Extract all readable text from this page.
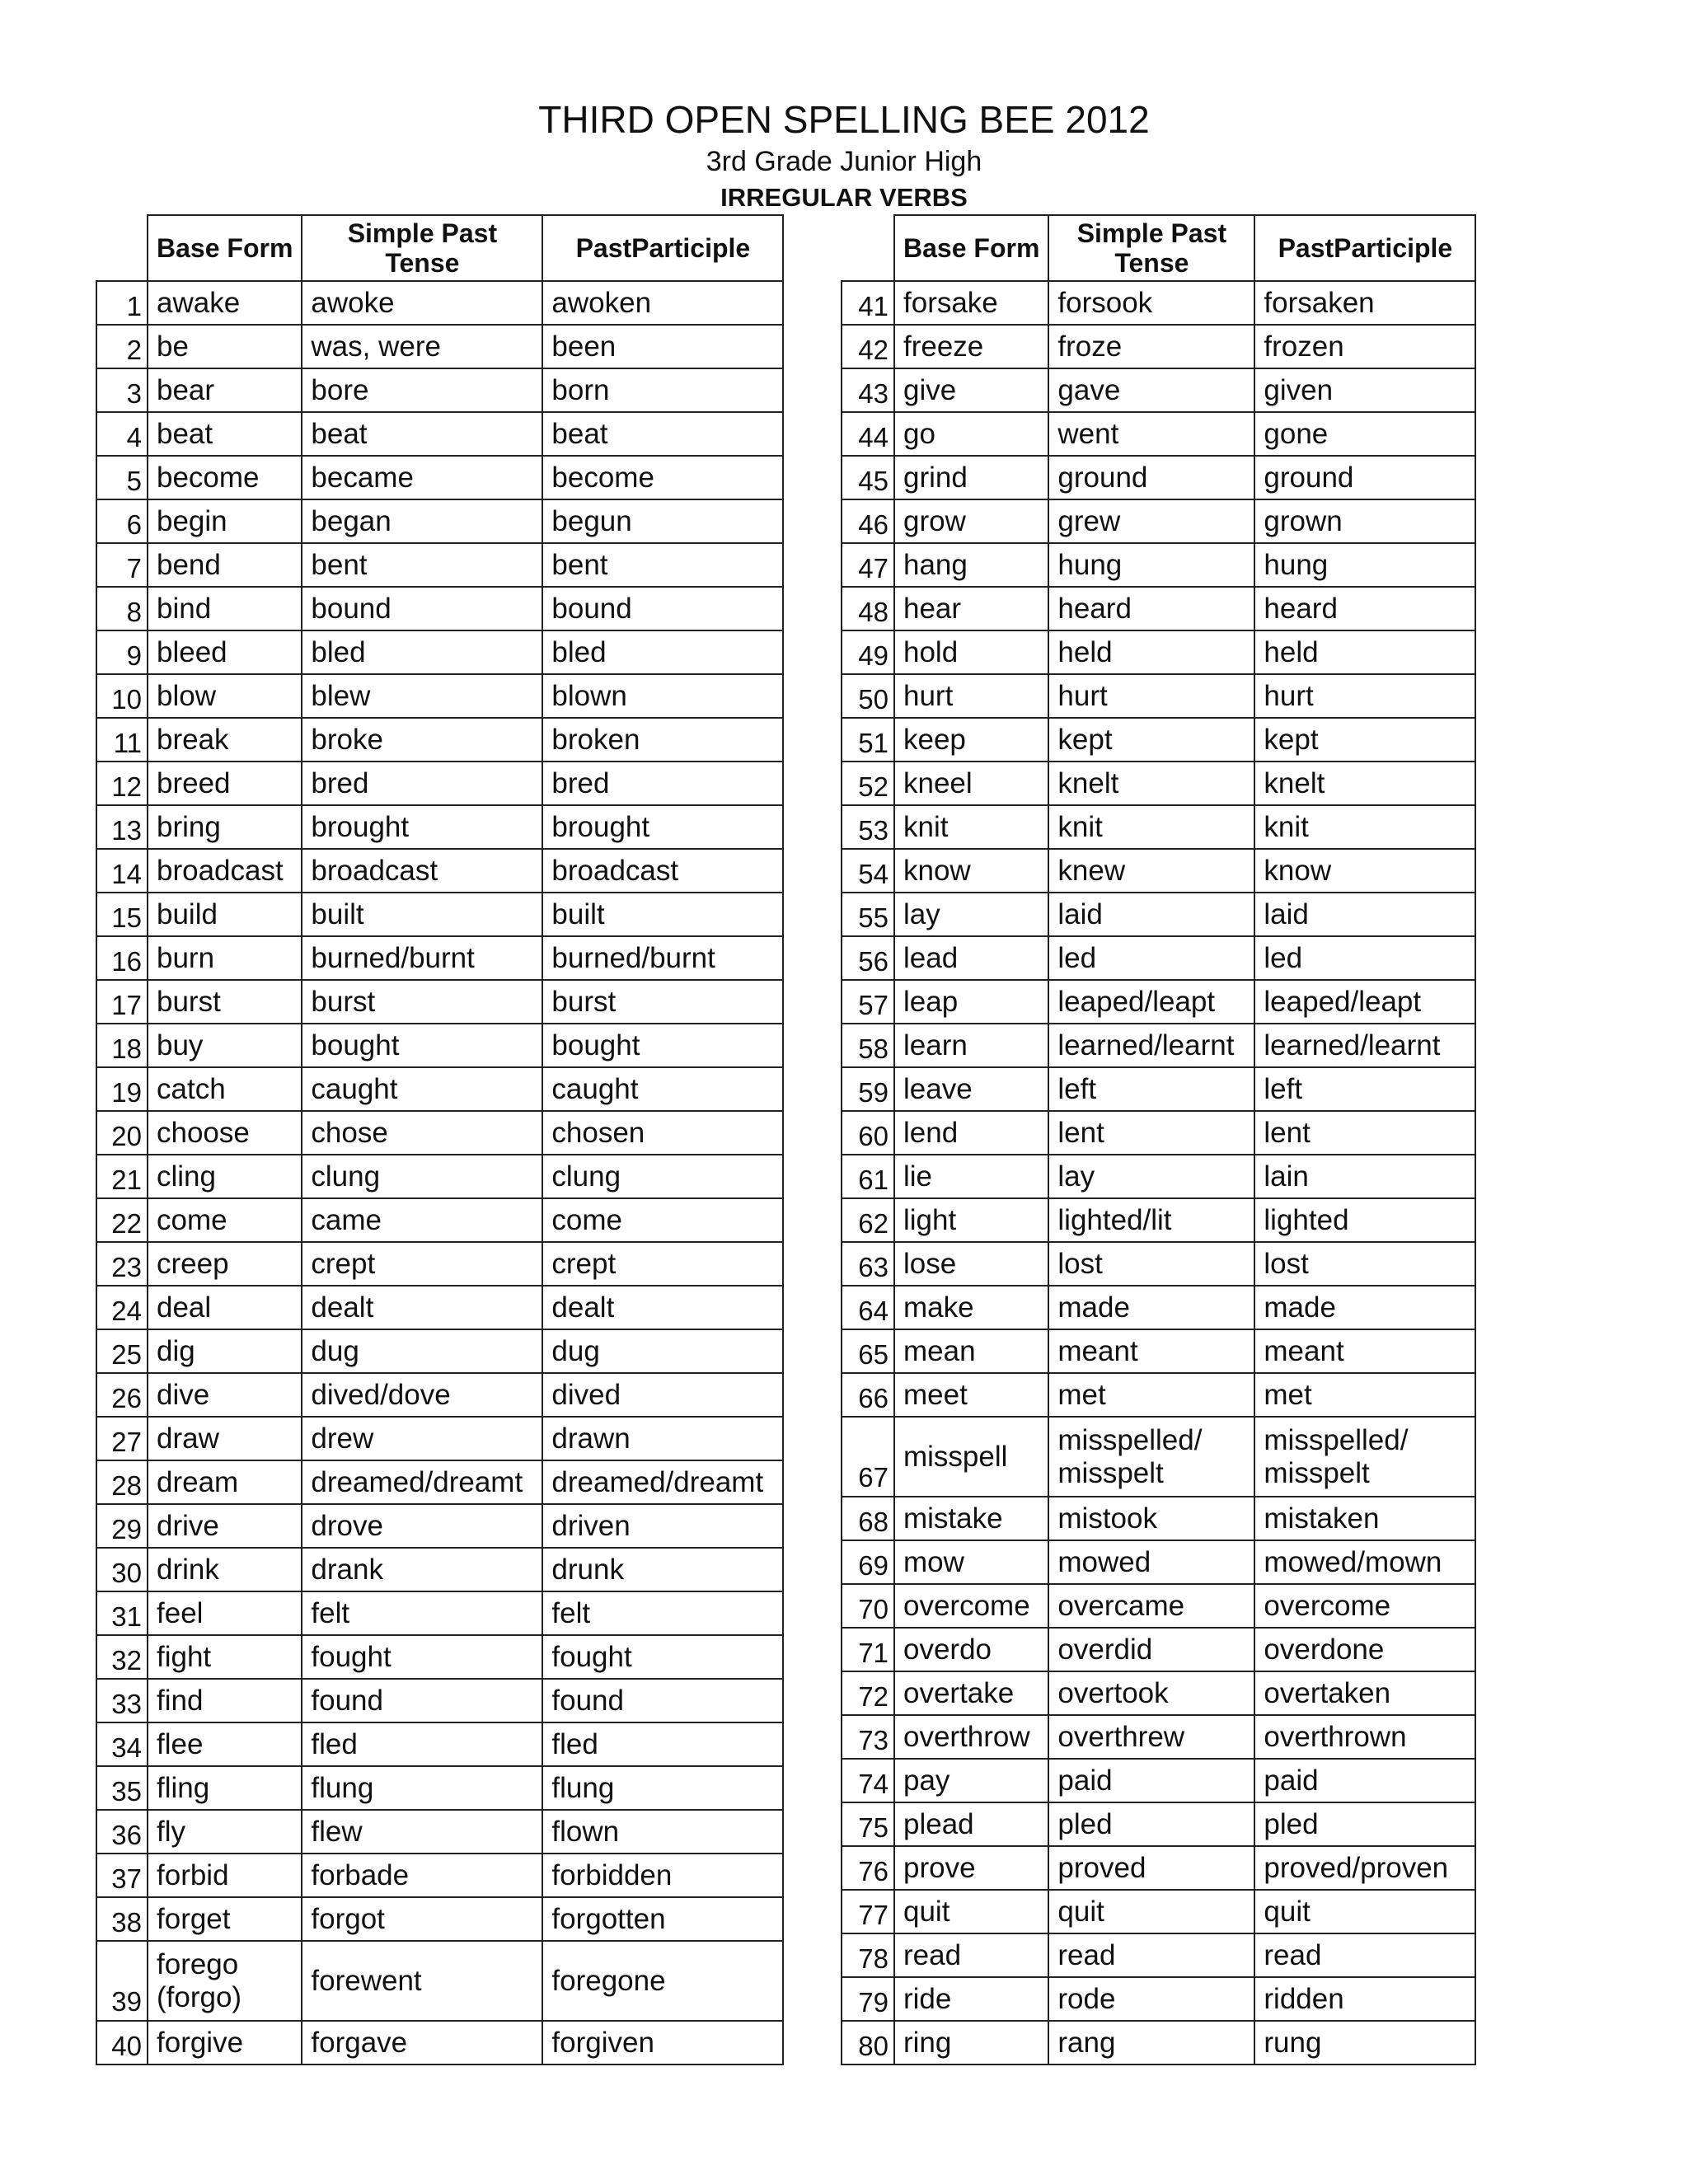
THIRD OPEN SPELLING BEE 2012
3rd Grade Junior High
IRREGULAR VERBS
	Base Form	Simple Past Tense	PastParticiple
1	awake	awoke	awoken
2	be	was, were	been
3	bear	bore	born
4	beat	beat	beat
5	become	became	become
6	begin	began	begun
7	bend	bent	bent
8	bind	bound	bound
9	bleed	bled	bled
10	blow	blew	blown
11	break	broke	broken
12	breed	bred	bred
13	bring	brought	brought
14	broadcast	broadcast	broadcast
15	build	built	built
16	burn	burned/burnt	burned/burnt
17	burst	burst	burst
18	buy	bought	bought
19	catch	caught	caught
20	choose	chose	chosen
21	cling	clung	clung
22	come	came	come
23	creep	crept	crept
24	deal	dealt	dealt
25	dig	dug	dug
26	dive	dived/dove	dived
27	draw	drew	drawn
28	dream	dreamed/dreamt	dreamed/dreamt
29	drive	drove	driven
30	drink	drank	drunk
31	feel	felt	felt
32	fight	fought	fought
33	find	found	found
34	flee	fled	fled
35	fling	flung	flung
36	fly	flew	flown
37	forbid	forbade	forbidden
38	forget	forgot	forgotten
39	forego (forgo)	forewent	foregone
40	forgive	forgave	forgiven
	Base Form	Simple Past Tense	PastParticiple
41	forsake	forsook	forsaken
42	freeze	froze	frozen
43	give	gave	given
44	go	went	gone
45	grind	ground	ground
46	grow	grew	grown
47	hang	hung	hung
48	hear	heard	heard
49	hold	held	held
50	hurt	hurt	hurt
51	keep	kept	kept
52	kneel	knelt	knelt
53	knit	knit	knit
54	know	knew	know
55	lay	laid	laid
56	lead	led	led
57	leap	leaped/leapt	leaped/leapt
58	learn	learned/learnt	learned/learnt
59	leave	left	left
60	lend	lent	lent
61	lie	lay	lain
62	light	lighted/lit	lighted
63	lose	lost	lost
64	make	made	made
65	mean	meant	meant
66	meet	met	met
67	misspell	misspelled/ misspelt	misspelled/ misspelt
68	mistake	mistook	mistaken
69	mow	mowed	mowed/mown
70	overcome	overcame	overcome
71	overdo	overdid	overdone
72	overtake	overtook	overtaken
73	overthrow	overthrew	overthrown
74	pay	paid	paid
75	plead	pled	pled
76	prove	proved	proved/proven
77	quit	quit	quit
78	read	read	read
79	ride	rode	ridden
80	ring	rang	rung
